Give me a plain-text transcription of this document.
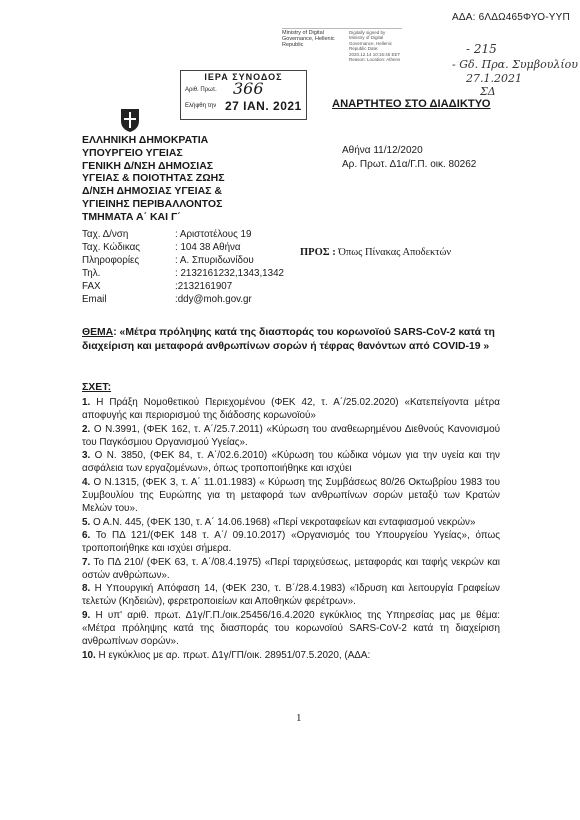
ΑΔΑ: 6ΛΔΩ465ΦΥΟ-ΥΥΠ
Ministry of Digital Governance, Hellenic Republic
Digitally signed by Ministry of Digital Governance, Hellenic Republic Date: 2020.12.14 10:16:45 EET Reason: Location: Athens
- 215
- Gδ. Πρα. Συμβουλίου
27.1.2021
ΣΔ
ΙΕΡΑ ΣΥΝΟΔΟΣ
Αριθ. Πρωτ. 366
Ελήφθη την 27 ΙΑΝ. 2021	ΑΝΑΡΤΗΤΕΟ ΣΤΟ ΔΙΑΔΙΚΤΥΟ
ΕΛΛΗΝΙΚΗ ΔΗΜΟΚΡΑΤΙΑ
ΥΠΟΥΡΓΕΙΟ ΥΓΕΙΑΣ
ΓΕΝΙΚΗ Δ/ΝΣΗ ΔΗΜΟΣΙΑΣ
ΥΓΕΙΑΣ & ΠΟΙΟΤΗΤΑΣ ΖΩΗΣ
Δ/ΝΣΗ ΔΗΜΟΣΙΑΣ ΥΓΕΙΑΣ &
ΥΓΙΕΙΝΗΣ ΠΕΡΙΒΑΛΛΟΝΤΟΣ
ΤΜΗΜΑΤΑ Α΄ ΚΑΙ Γ΄
Αθήνα 11/12/2020
Αρ. Πρωτ. Δ1α/Γ.Π. οικ. 80262
Ταχ. Δ/νση	: Αριστοτέλους 19
Ταχ. Κώδικας	: 104 38 Αθήνα
Πληροφορίες	: Α. Σπυριδωνίδου
Τηλ.	: 2132161232,1343,1342
FAX	:2132161907
Email	:ddy@moh.gov.gr
ΠΡΟΣ : Όπως Πίνακας Αποδεκτών
ΘΕΜΑ: «Μέτρα πρόληψης κατά της διασποράς του κορωνοϊού SARS-CoV-2 κατά τη διαχείριση και μεταφορά ανθρωπίνων σορών ή τέφρας θανόντων από COVID-19 »
ΣΧΕΤ:
1. Η Πράξη Νομοθετικού Περιεχομένου (ΦΕΚ 42, τ. Α΄/25.02.2020) «Κατεπείγοντα μέτρα αποφυγής και περιορισμού της διάδοσης κορωνοϊού»
2. Ο Ν.3991, (ΦΕΚ 162, τ. Α΄/25.7.2011) «Κύρωση του αναθεωρημένου Διεθνούς Κανονισμού του Παγκόσμιου Οργανισμού Υγείας».
3. Ο Ν. 3850, (ΦΕΚ 84, τ. Α΄/02.6.2010) «Κύρωση του κώδικα νόμων για την υγεία και την ασφάλεια των εργαζομένων», όπως τροποποιήθηκε και ισχύει
4. Ο Ν.1315, (ΦΕΚ 3, τ. Α΄ 11.01.1983) « Κύρωση της Συμβάσεως 80/26 Οκτωβρίου 1983 του Συμβουλίου της Ευρώπης για τη μεταφορά των ανθρωπίνων σορών μεταξύ των Κρατών Μελών του».
5. Ο Α.Ν. 445, (ΦΕΚ 130, τ. Α΄ 14.06.1968) «Περί νεκροταφείων και ενταφιασμού νεκρών»
6. Το ΠΔ 121/(ΦΕΚ 148 τ. Α΄/ 09.10.2017) «Οργανισμός του Υπουργείου Υγείας», όπως τροποποιήθηκε και ισχύει σήμερα.
7. Το ΠΔ 210/ (ΦΕΚ 63, τ. Α΄/08.4.1975) «Περί ταριχεύσεως, μεταφοράς και ταφής νεκρών και οστών ανθρώπων».
8. Η Υπουργική Απόφαση 14, (ΦΕΚ 230, τ. Β΄/28.4.1983) «Ίδρυση και λειτουργία Γραφείων τελετών (Κηδειών), φερετροποιείων και Αποθηκών φερέτρων».
9. Η υπ' αριθ. πρωτ. Δ1γ/Γ.Π./οικ.25456/16.4.2020 εγκύκλιος της Υπηρεσίας μας με θέμα: «Μέτρα πρόληψης κατά της διασποράς του κορωνοϊού SARS-CoV-2 κατά τη διαχείριση ανθρωπίνων σορών».
10. Η εγκύκλιος με αρ. πρωτ. Δ1γ/ΓΠ/οικ. 28951/07.5.2020, (ΑΔΑ:
1
